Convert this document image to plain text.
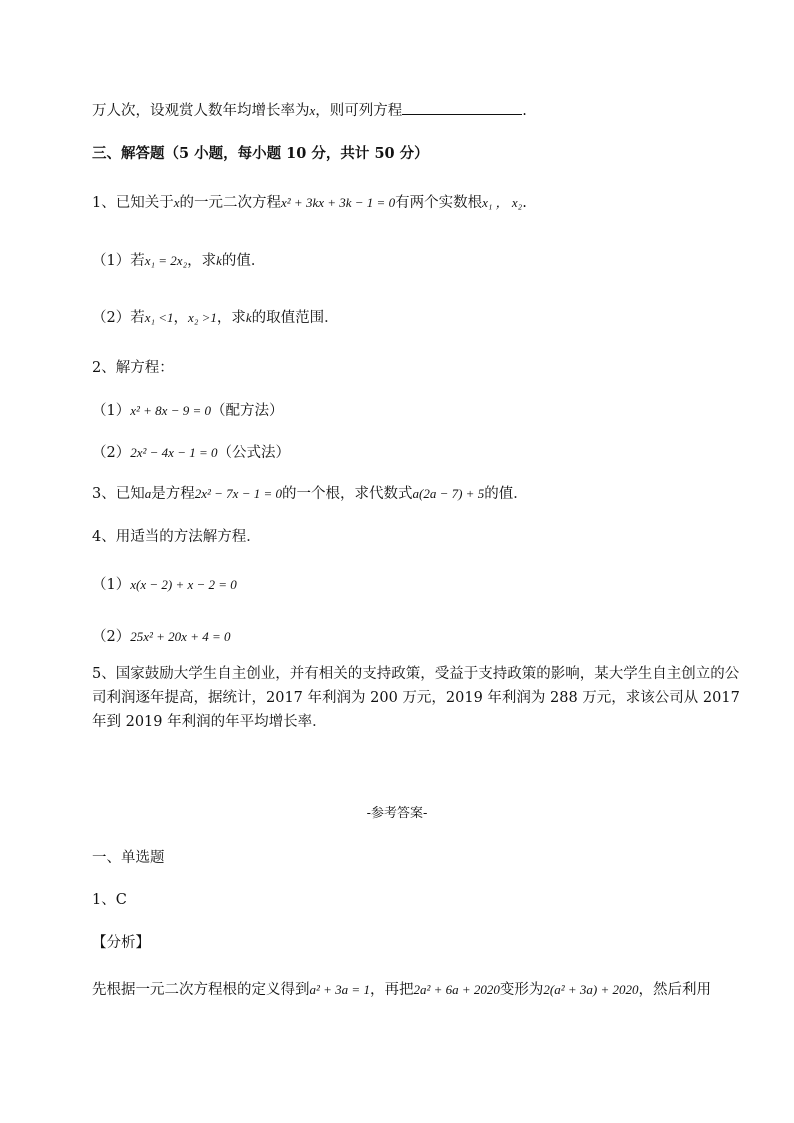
万人次，设观赏人数年均增长率为x，则可列方程	.
三、解答题（5 小题，每小题 10 分，共计 50 分）
1、已知关于x的一元二次方程x² + 3kx + 3k − 1 = 0有两个实数根x₁ ， x₂.
（1）若x₁ = 2x₂，求k的值．
（2）若x₁ <1，x₂ >1，求k的取值范围．
2、解方程：
（1）x² + 8x − 9 = 0（配方法）
（2）2x² − 4x − 1 = 0（公式法）
3、已知a是方程2x² − 7x − 1 = 0的一个根，求代数式a(2a − 7) + 5的值．
4、用适当的方法解方程．
（1）x(x − 2) + x − 2 = 0
（2）25x² + 20x + 4 = 0
5、国家鼓励大学生自主创业，并有相关的支持政策，受益于支持政策的影响，某大学生自主创立的公司利润逐年提高，据统计，2017 年利润为 200 万元，2019 年利润为 288 万元，求该公司从 2017 年到 2019 年利润的年平均增长率．
-参考答案-
一、单选题
1、C
【分析】
先根据一元二次方程根的定义得到a² + 3a = 1，再把2a² + 6a + 2020变形为2(a² + 3a) + 2020，然后利用
